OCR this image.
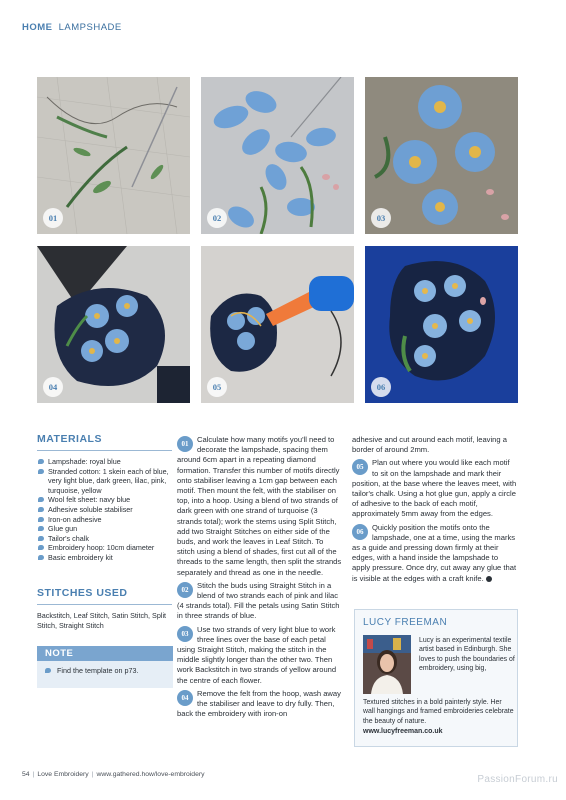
HOME LAMPSHADE
01	02	03
04	05	06
MATERIALS
Lampshade: royal blue
Stranded cotton: 1 skein each of blue, very light blue, dark green, lilac, pink, turquoise, yellow
Wool felt sheet: navy blue
Adhesive soluble stabiliser
Iron-on adhesive
Glue gun
Tailor's chalk
Embroidery hoop: 10cm diameter
Basic embroidery kit
STITCHES USED
Backstitch, Leaf Stitch, Satin Stitch, Split Stitch, Straight Stitch
NOTE
Find the template on p73.

01	Calculate how many motifs you'll need to decorate the lampshade, spacing them around 6cm apart in a repeating diamond formation. Transfer this number of motifs directly onto stabiliser leaving a 1cm gap between each motif. Then mount the felt, with the stabiliser on top, into a hoop. Using a blend of two strands of dark green with one strand of turquoise (3 strands total); work the stems using Split Stitch, add two Straight Stitches on either side of the buds, and work the leaves in Leaf Stitch. To stitch using a blend of shades, first cut all of the threads to the same length, then split the strands separately and thread as one in the needle.

02	Stitch the buds using Straight Stitch in a blend of two strands each of pink and lilac (4 strands total). Fill the petals using Satin Stitch in three strands of blue.

03	Use two strands of very light blue to work three lines over the base of each petal using Straight Stitch, making the stitch in the middle slightly longer than the other two. Then work Backstitch in two strands of yellow around the centre of each flower.

04	Remove the felt from the hoop, wash away the stabiliser and leave to dry fully. Then, back the embroidery with iron-on

adhesive and cut around each motif, leaving a border of around 2mm.

05	Plan out where you would like each motif to sit on the lampshade and mark their position, at the base where the leaves meet, with tailor's chalk. Using a hot glue gun, apply a circle of adhesive to the back of each motif, approximately 5mm away from the edges.

06	Quickly position the motifs onto the lampshade, one at a time, using the marks as a guide and pressing down firmly at their edges, with a hand inside the lampshade to apply pressure. Once dry, cut away any glue that is visible at the edges with a craft knife.

LUCY FREEMAN
Lucy is an experimental textile artist based in Edinburgh. She loves to push the boundaries of embroidery, using big,
Textured stitches in a bold painterly style. Her wall hangings and framed embroideries celebrate the beauty of nature.
www.lucyfreeman.co.uk
54 | Love Embroidery | www.gathered.how/love-embroidery	PassionForum.ru
